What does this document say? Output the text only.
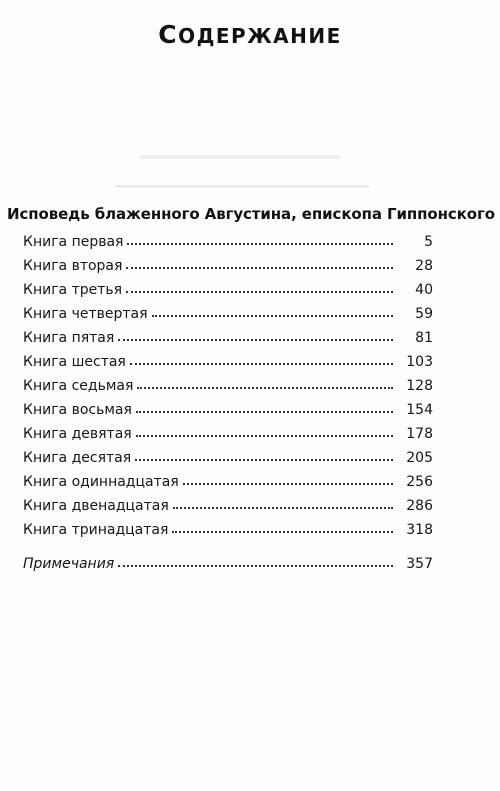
СОДЕРЖАНИЕ
Исповедь блаженного Августина, епископа Гиппонского
Книга первая	5
Книга вторая	28
Книга третья	40
Книга четвертая	59
Книга пятая	81
Книга шестая	103
Книга седьмая	128
Книга восьмая	154
Книга девятая	178
Книга десятая	205
Книга одиннадцатая	256
Книга двенадцатая	286
Книга тринадцатая	318
Примечания	357
